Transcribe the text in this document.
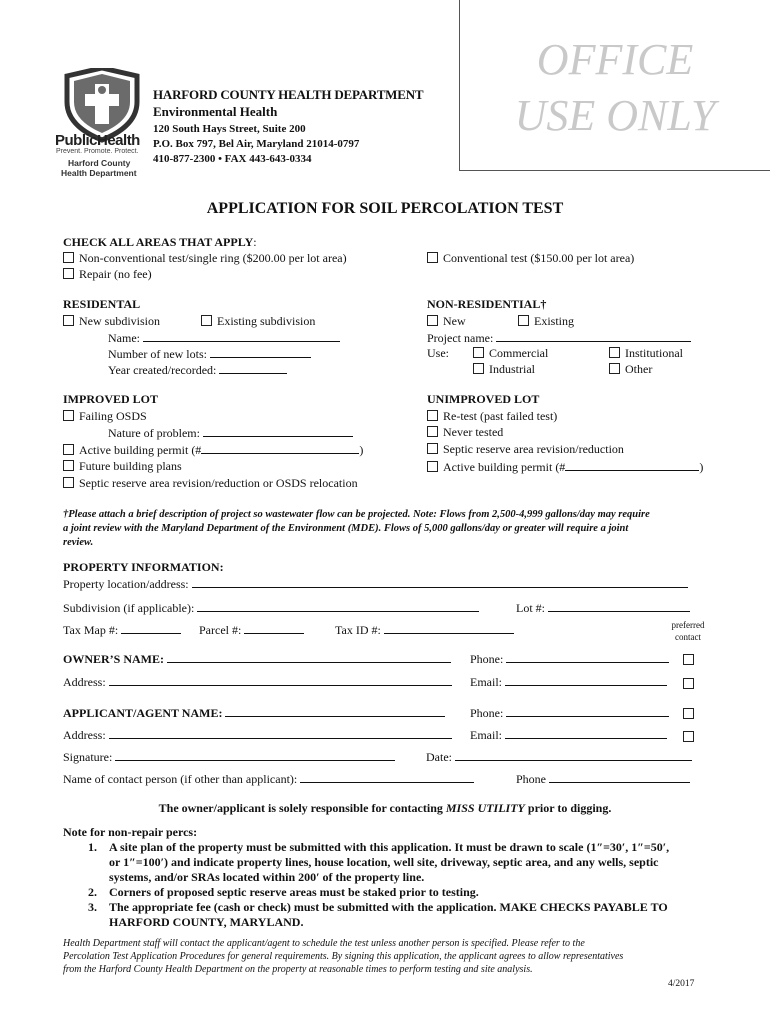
OFFICE
USE ONLY
PublicHealth
Prevent. Promote. Protect.
Harford County
Health Department
HARFORD COUNTY HEALTH DEPARTMENT
Environmental Health
120 South Hays Street, Suite 200
P.O. Box 797, Bel Air, Maryland 21014-0797
410-877-2300 • FAX 443-643-0334
APPLICATION FOR SOIL PERCOLATION TEST
CHECK ALL AREAS THAT APPLY:
Non-conventional test/single ring ($200.00 per lot area)
Repair (no fee)
Conventional test ($150.00 per lot area)
RESIDENTAL
New subdivision	Existing subdivision
Name:
Number of new lots:
Year created/recorded:
NON-RESIDENTIAL†
New	Existing
Project name:
Use:	Commercial	Institutional
Industrial	Other
IMPROVED LOT
Failing OSDS
Nature of problem:
Active building permit (#	)
Future building plans
Septic reserve area revision/reduction or OSDS relocation
UNIMPROVED LOT
Re-test (past failed test)
Never tested
Septic reserve area revision/reduction
Active building permit (#	)
†Please attach a brief description of project so wastewater flow can be projected. Note: Flows from 2,500-4,999 gallons/day may require
a joint review with the Maryland Department of the Environment (MDE). Flows of 5,000 gallons/day or greater will require a joint
review.
PROPERTY INFORMATION:
Property location/address:
Subdivision (if applicable):	Lot #:
Tax Map #:	Parcel #:	Tax ID #:	preferred
contact
OWNER’S NAME:	Phone:
Address:	Email:
APPLICANT/AGENT NAME:	Phone:
Address:	Email:
Signature:	Date:
Name of contact person (if other than applicant):	Phone
The owner/applicant is solely responsible for contacting MISS UTILITY prior to digging.
Note for non-repair percs:
1. A site plan of the property must be submitted with this application. It must be drawn to scale (1″=30′, 1″=50′,
or 1″=100′) and indicate property lines, house location, well site, driveway, septic area, and any wells, septic
systems, and/or SRAs located within 200′ of the property line.
2. Corners of proposed septic reserve areas must be staked prior to testing.
3. The appropriate fee (cash or check) must be submitted with the application. MAKE CHECKS PAYABLE TO
HARFORD COUNTY, MARYLAND.
Health Department staff will contact the applicant/agent to schedule the test unless another person is specified. Please refer to the
Percolation Test Application Procedures for general requirements. By signing this application, the applicant agrees to allow representatives
from the Harford County Health Department on the property at reasonable times to perform testing and site analysis.
4/2017
